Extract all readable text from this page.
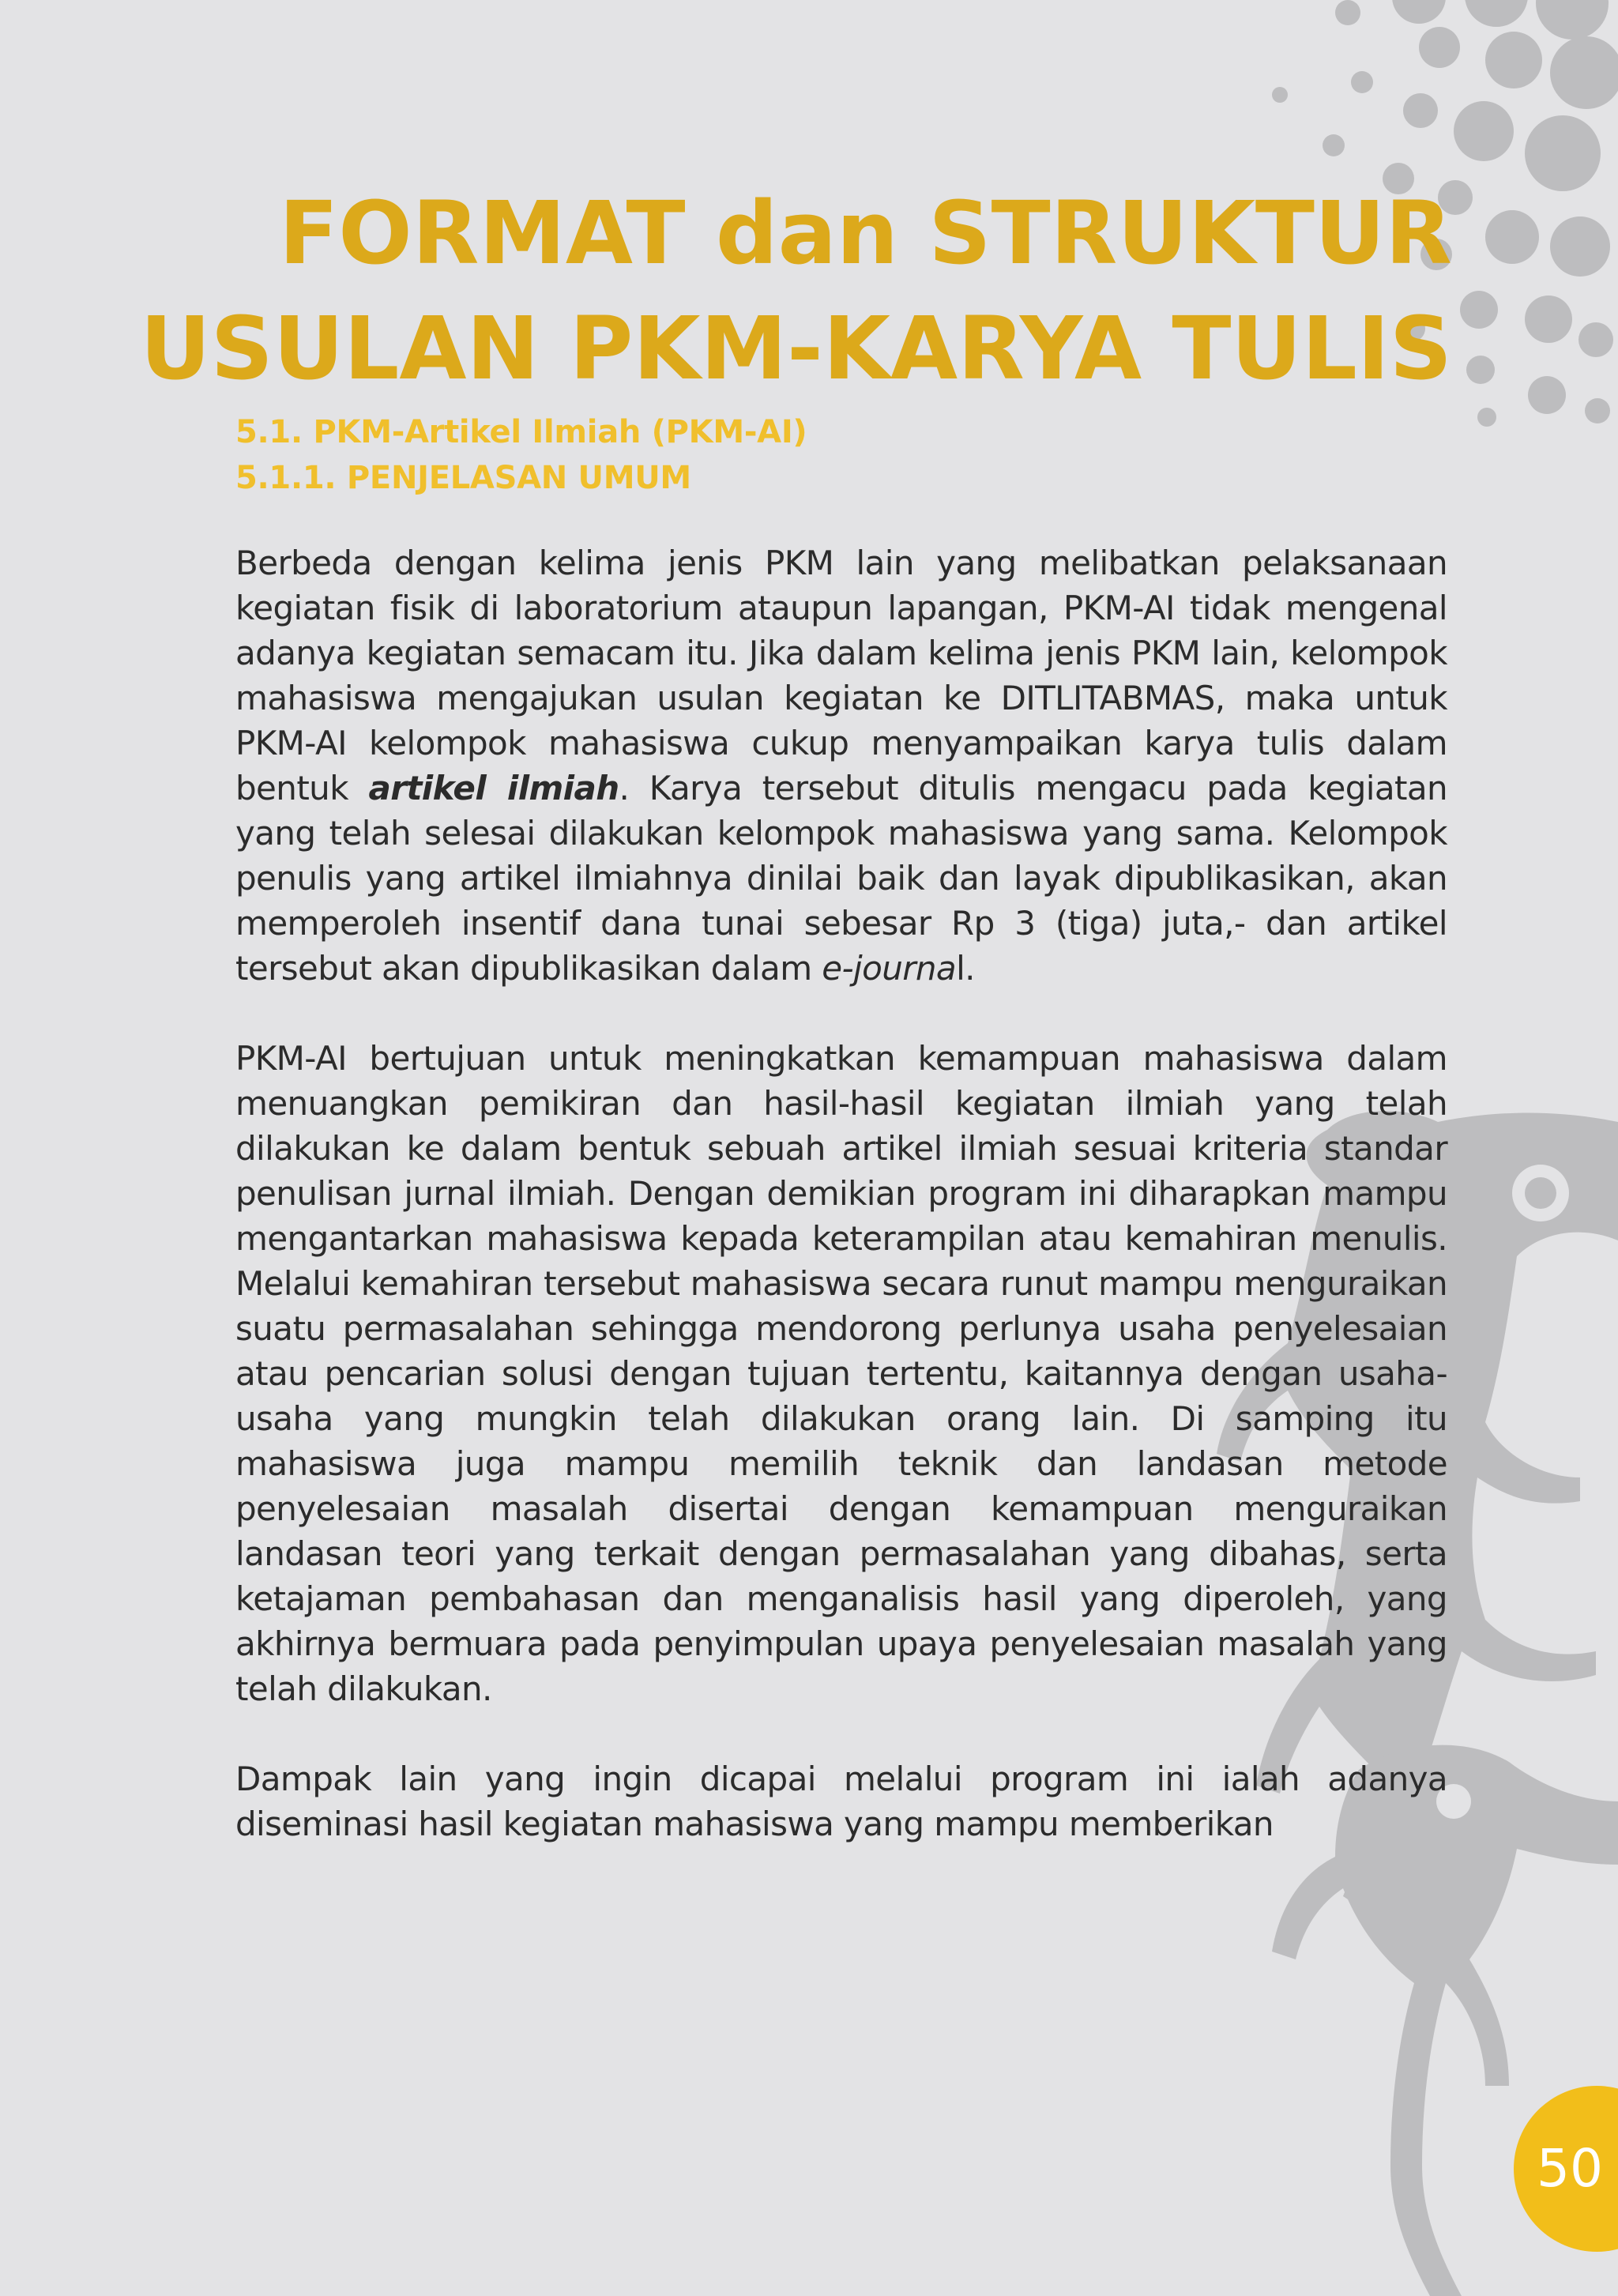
FORMAT dan STRUKTUR
USULAN PKM-KARYA TULIS
5.1. PKM-Artikel Ilmiah (PKM-AI)
5.1.1. PENJELASAN UMUM

Berbeda dengan kelima jenis PKM lain yang melibatkan pelaksanaan kegiatan fisik di laboratorium ataupun lapangan, PKM-AI tidak mengenal adanya kegiatan semacam itu. Jika dalam kelima jenis PKM lain, kelompok mahasiswa mengajukan usulan kegiatan ke DITLITABMAS, maka untuk PKM-AI kelompok mahasiswa cukup menyampaikan karya tulis dalam bentuk artikel ilmiah. Karya tersebut ditulis mengacu pada kegiatan yang telah selesai dilakukan kelompok mahasiswa yang sama. Kelompok penulis yang artikel ilmiahnya dinilai baik dan layak dipublikasikan, akan memperoleh insentif dana tunai sebesar Rp 3 (tiga) juta,- dan artikel tersebut akan dipublikasikan dalam e-journal.

PKM-AI bertujuan untuk meningkatkan kemampuan mahasiswa dalam menuangkan pemikiran dan hasil-hasil kegiatan ilmiah yang telah dilakukan ke dalam bentuk sebuah artikel ilmiah sesuai kriteria standar penulisan jurnal ilmiah. Dengan demikian program ini diharapkan mampu mengantarkan mahasiswa kepada keterampilan atau kemahiran menulis. Melalui kemahiran tersebut mahasiswa secara runut mampu menguraikan suatu permasalahan sehingga mendorong perlunya usaha penyelesaian atau pencarian solusi dengan tujuan tertentu, kaitannya dengan usaha-usaha yang mungkin telah dilakukan orang lain. Di samping itu mahasiswa juga mampu memilih teknik dan landasan metode penyelesaian masalah disertai dengan kemampuan menguraikan landasan teori yang terkait dengan permasalahan yang dibahas, serta ketajaman pembahasan dan menganalisis hasil yang diperoleh, yang akhirnya bermuara pada penyimpulan upaya penyelesaian masalah yang telah dilakukan.

Dampak lain yang ingin dicapai melalui program ini ialah adanya diseminasi hasil kegiatan mahasiswa yang mampu memberikan

50
